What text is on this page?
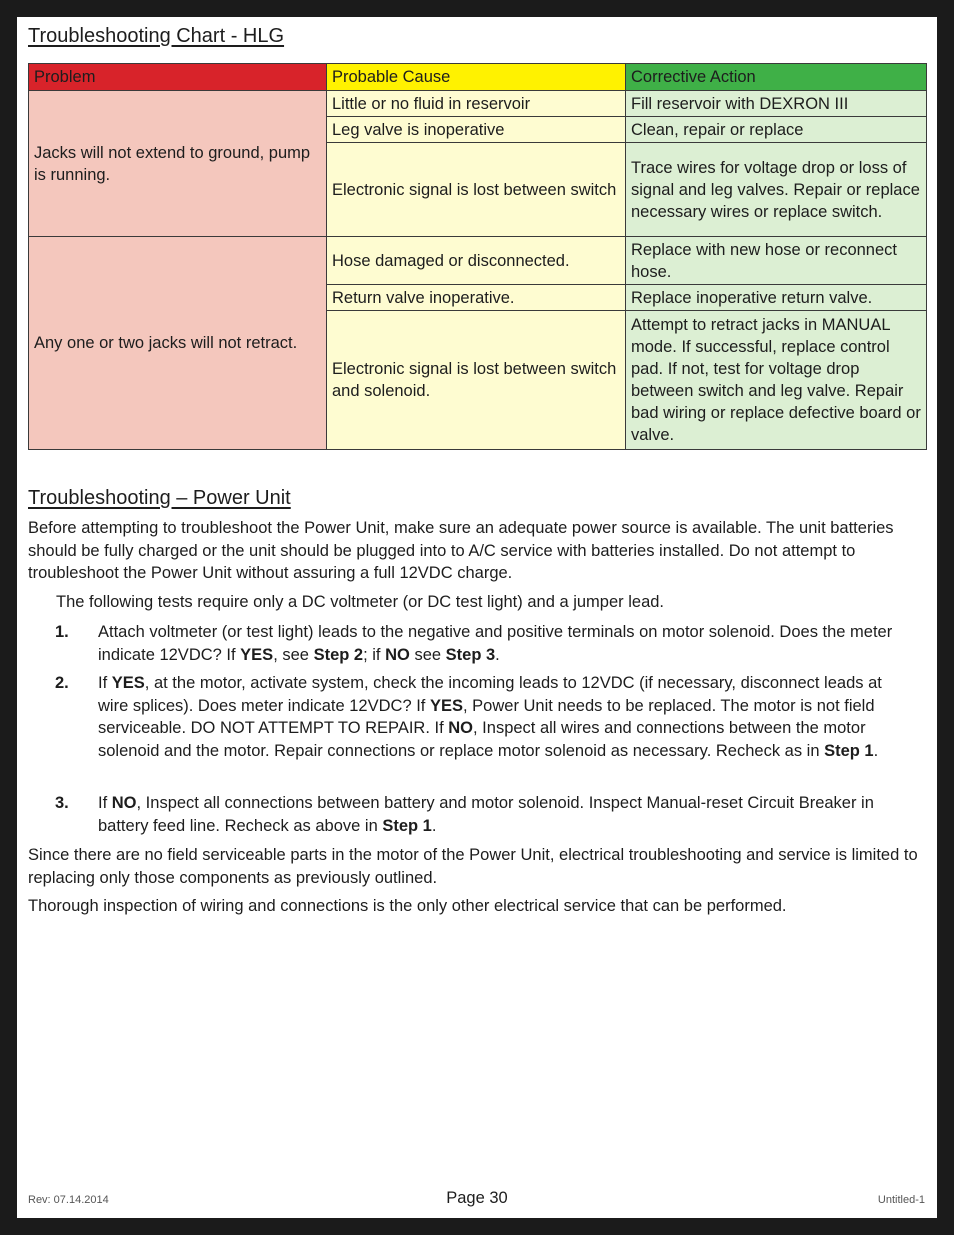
Troubleshooting Chart - HLG
Problem	Probable Cause	Corrective Action
Jacks will not extend to ground, pump is running.	Little or no fluid in reservoir	Fill reservoir with DEXRON III
	Leg valve is inoperative	Clean, repair or replace
	Electronic signal is lost between switch	Trace wires for voltage drop or loss of signal and leg valves. Repair or replace necessary wires or replace switch.
Any one or two jacks will not retract.	Hose damaged or disconnected.	Replace with new hose or reconnect hose.
	Return valve inoperative.	Replace inoperative return valve.
	Electronic signal is lost between switch and solenoid.	Attempt to retract jacks in MANUAL mode. If successful, replace control pad. If not, test for voltage drop between switch and leg valve. Repair bad wiring or replace defective board or valve.
Troubleshooting – Power Unit
Before attempting to troubleshoot the Power Unit, make sure an adequate power source is available. The unit batteries should be fully charged or the unit should be plugged into to A/C service with batteries installed. Do not attempt to troubleshoot the Power Unit without assuring a full 12VDC charge.
The following tests require only a DC voltmeter (or DC test light) and a jumper lead.
1. Attach voltmeter (or test light) leads to the negative and positive terminals on motor solenoid. Does the meter indicate 12VDC? If YES, see Step 2; if NO see Step 3.
2. If YES, at the motor, activate system, check the incoming leads to 12VDC (if necessary, disconnect leads at wire splices). Does meter indicate 12VDC? If YES, Power Unit needs to be replaced. The motor is not field serviceable. DO NOT ATTEMPT TO REPAIR. If NO, Inspect all wires and connections between the motor solenoid and the motor. Repair connections or replace motor solenoid as necessary. Recheck as in Step 1.
3. If NO, Inspect all connections between battery and motor solenoid. Inspect Manual-reset Circuit Breaker in battery feed line. Recheck as above in Step 1.
Since there are no field serviceable parts in the motor of the Power Unit, electrical troubleshooting and service is limited to replacing only those components as previously outlined.
Thorough inspection of wiring and connections is the only other electrical service that can be performed.
Rev: 07.14.2014	Page 30	Untitled-1
